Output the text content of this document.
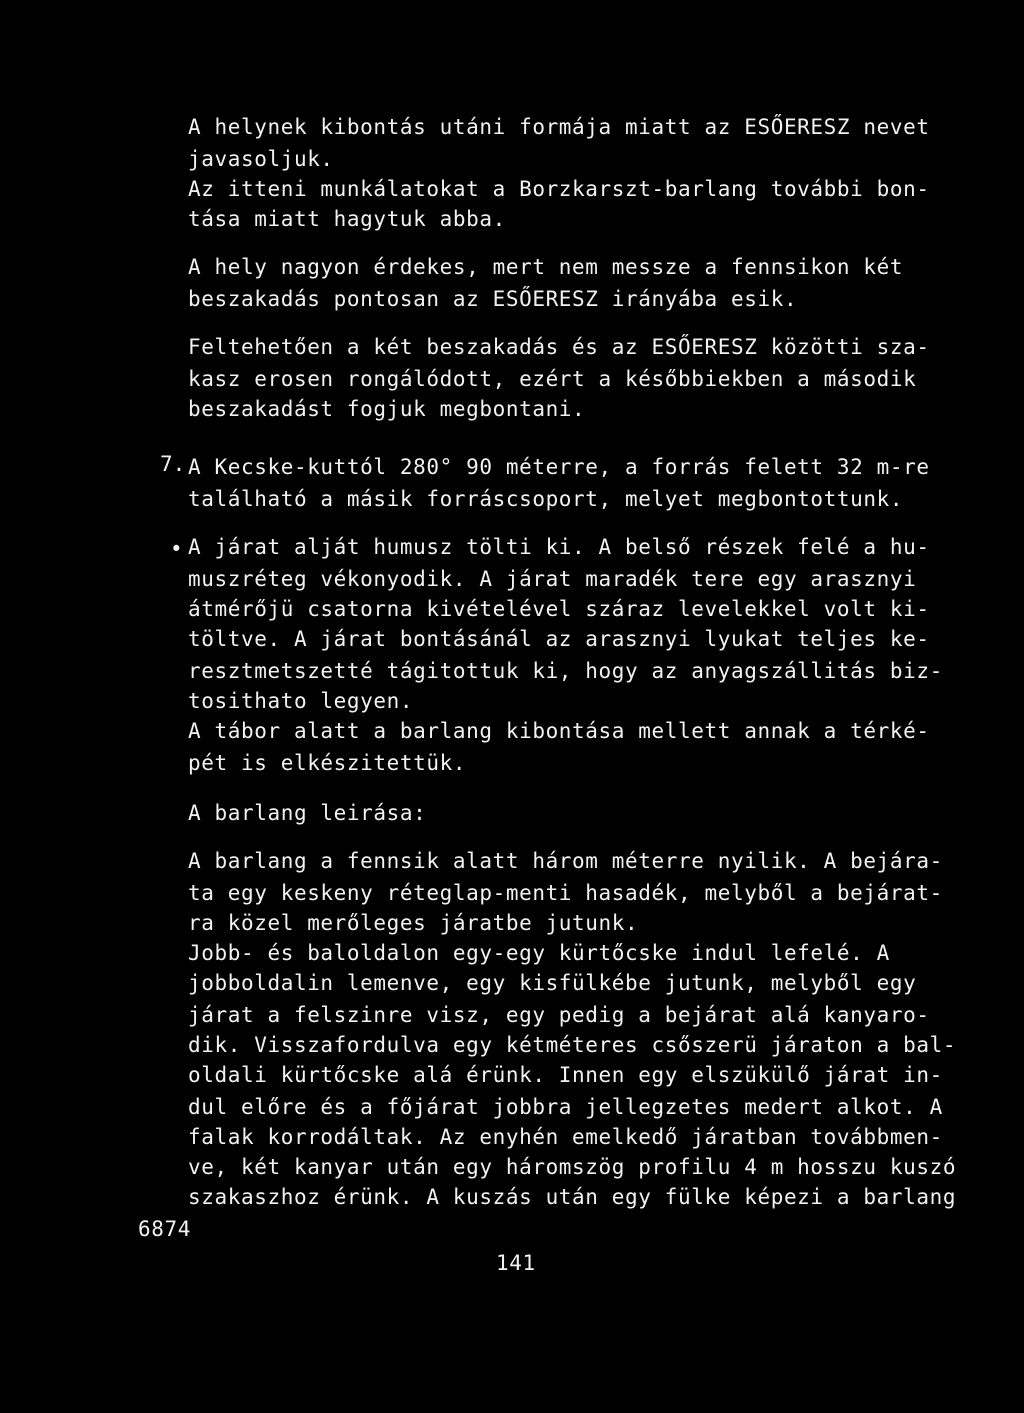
A helynek kibontás utáni formája miatt az ESŐERESZ nevet
javasoljuk.
Az itteni munkálatokat a Borzkarszt-barlang további bon-
tása miatt hagytuk abba.
A hely nagyon érdekes, mert nem messze a fennsikon két
beszakadás pontosan az ESŐERESZ irányába esik.
Feltehetően a két beszakadás és az ESŐERESZ közötti sza-
kasz erosen rongálódott, ezért a későbbiekben a második
beszakadást fogjuk megbontani.
7. A Kecske-kuttól 280° 90 méterre, a forrás felett 32 m-re
található a másik forráscsoport, melyet megbontottunk.
• A járat alját humusz tölti ki. A belső részek felé a hu-
muszréteg vékonyodik. A járat maradék tere egy arasznyi
átmérőjü csatorna kivételével száraz levelekkel volt ki-
töltve. A járat bontásánál az arasznyi lyukat teljes ke-
resztmetszetté tágitottuk ki, hogy az anyagszállitás biz-
tosithato legyen.
A tábor alatt a barlang kibontása mellett annak a térké-
pét is elkészitettük.
A barlang leirása:
A barlang a fennsik alatt három méterre nyilik. A bejára-
ta egy keskeny réteglap-menti hasadék, melyből a bejárat-
ra közel merőleges járatbe jutunk.
Jobb- és baloldalon egy-egy kürtőcske indul lefelé. A
jobboldalin lemenve, egy kisfülkébe jutunk, melyből egy
járat a felszinre visz, egy pedig a bejárat alá kanyaro-
dik. Visszafordulva egy kétméteres csőszerü járaton a bal-
oldali kürtőcske alá érünk. Innen egy elszükülő járat in-
dul előre és a főjárat jobbra jellegzetes medert alkot. A
falak korrodáltak. Az enyhén emelkedő járatban továbbmen-
ve, két kanyar után egy háromszög profilu 4 m hosszu kuszó
szakaszhoz érünk. A kuszás után egy fülke képezi a barlang
6874
141
